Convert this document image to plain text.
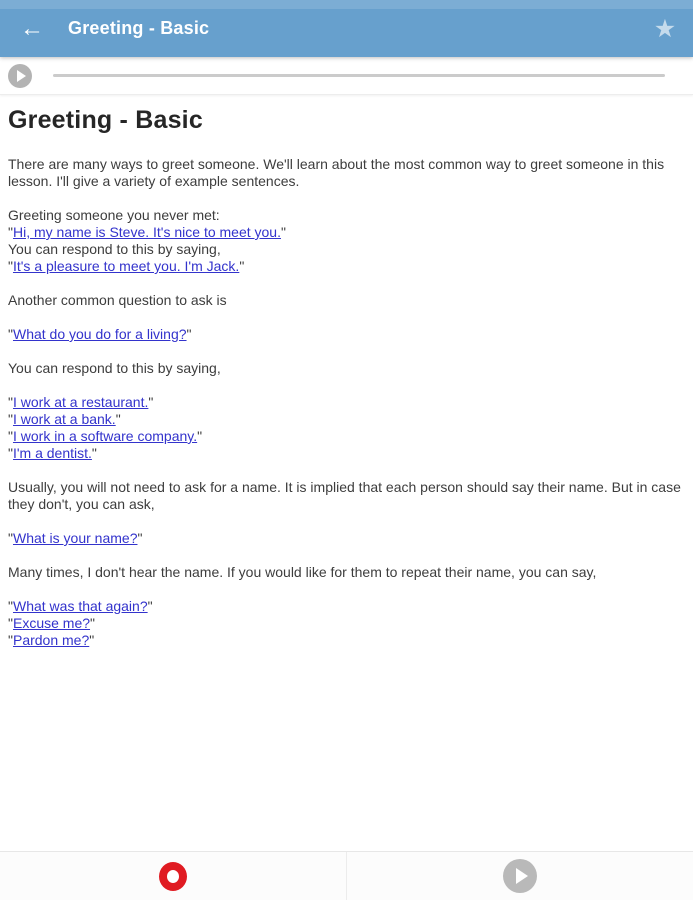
← Greeting - Basic	★
Greeting - Basic

There are many ways to greet someone. We'll learn about the most common way to greet someone in this lesson. I'll give a variety of example sentences.

Greeting someone you never met:
"Hi, my name is Steve. It's nice to meet you."
You can respond to this by saying,
"It's a pleasure to meet you. I'm Jack."

Another common question to ask is

"What do you do for a living?"

You can respond to this by saying,

"I work at a restaurant."
"I work at a bank."
"I work in a software company."
"I'm a dentist."

Usually, you will not need to ask for a name. It is implied that each person should say their name. But in case they don't, you can ask,

"What is your name?"

Many times, I don't hear the name. If you would like for them to repeat their name, you can say,

"What was that again?"
"Excuse me?"
"Pardon me?"
